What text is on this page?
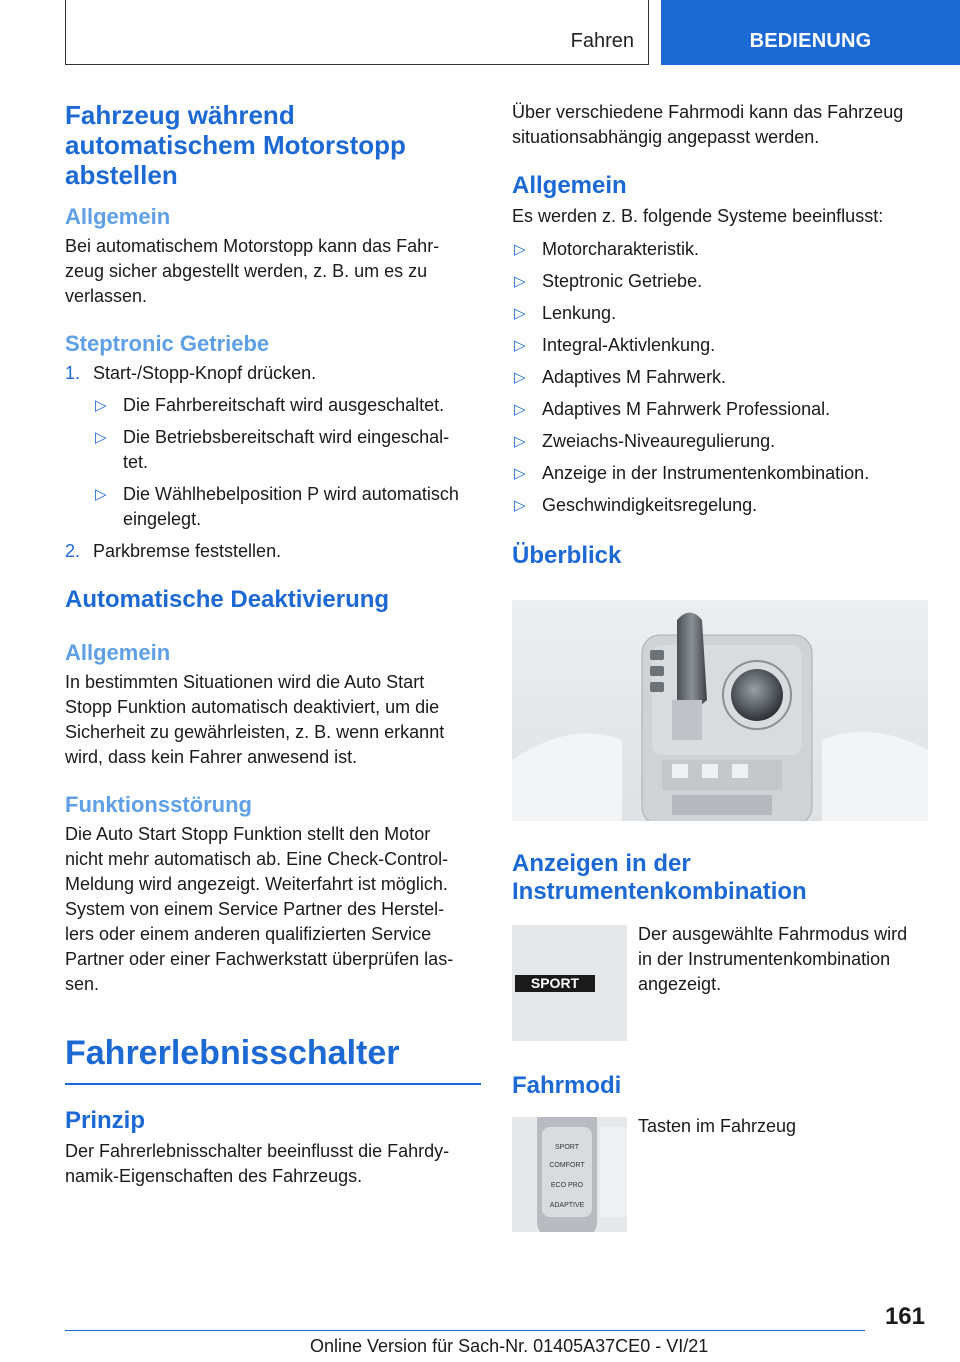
Fahren	BEDIENUNG
Fahrzeug während
automatischem Motorstopp
abstellen
Allgemein

Bei automatischem Motorstopp kann das Fahr-
zeug sicher abgestellt werden, z. B. um es zu
verlassen.

Steptronic Getriebe
1. Start-/Stopp-Knopf drücken.
▷ Die Fahrbereitschaft wird ausgeschaltet.
▷ Die Betriebsbereitschaft wird eingeschal-
tet.
▷ Die Wählhebelposition P wird automatisch
eingelegt.
2. Parkbremse feststellen.
Automatische Deaktivierung
Allgemein

In bestimmten Situationen wird die Auto Start
Stopp Funktion automatisch deaktiviert, um die
Sicherheit zu gewährleisten, z. B. wenn erkannt
wird, dass kein Fahrer anwesend ist.

Funktionsstörung

Die Auto Start Stopp Funktion stellt den Motor
nicht mehr automatisch ab. Eine Check-Control-
Meldung wird angezeigt. Weiterfahrt ist möglich.
System von einem Service Partner des Herstel-
lers oder einem anderen qualifizierten Service
Partner oder einer Fachwerkstatt überprüfen las-
sen.

Fahrerlebnisschalter
Prinzip

Der Fahrerlebnisschalter beeinflusst die Fahrdy-
namik-Eigenschaften des Fahrzeugs.

Über verschiedene Fahrmodi kann das Fahrzeug
situationsabhängig angepasst werden.

Allgemein

Es werden z. B. folgende Systeme beeinflusst:

▷ Motorcharakteristik.
▷ Steptronic Getriebe.
▷ Lenkung.
▷ Integral-Aktivlenkung.
▷ Adaptives M Fahrwerk.
▷ Adaptives M Fahrwerk Professional.
▷ Zweiachs-Niveauregulierung.
▷ Anzeige in der Instrumentenkombination.
▷ Geschwindigkeitsregelung.
Überblick
Anzeigen in der
Instrumentenkombination
SPORT

Der ausgewählte Fahrmodus wird
in der Instrumentenkombination
angezeigt.

Fahrmodi
SPORT
COMFORT
ECO PRO
ADAPTIVE

Tasten im Fahrzeug

161
Online Version für Sach-Nr. 01405A37CE0 - VI/21
